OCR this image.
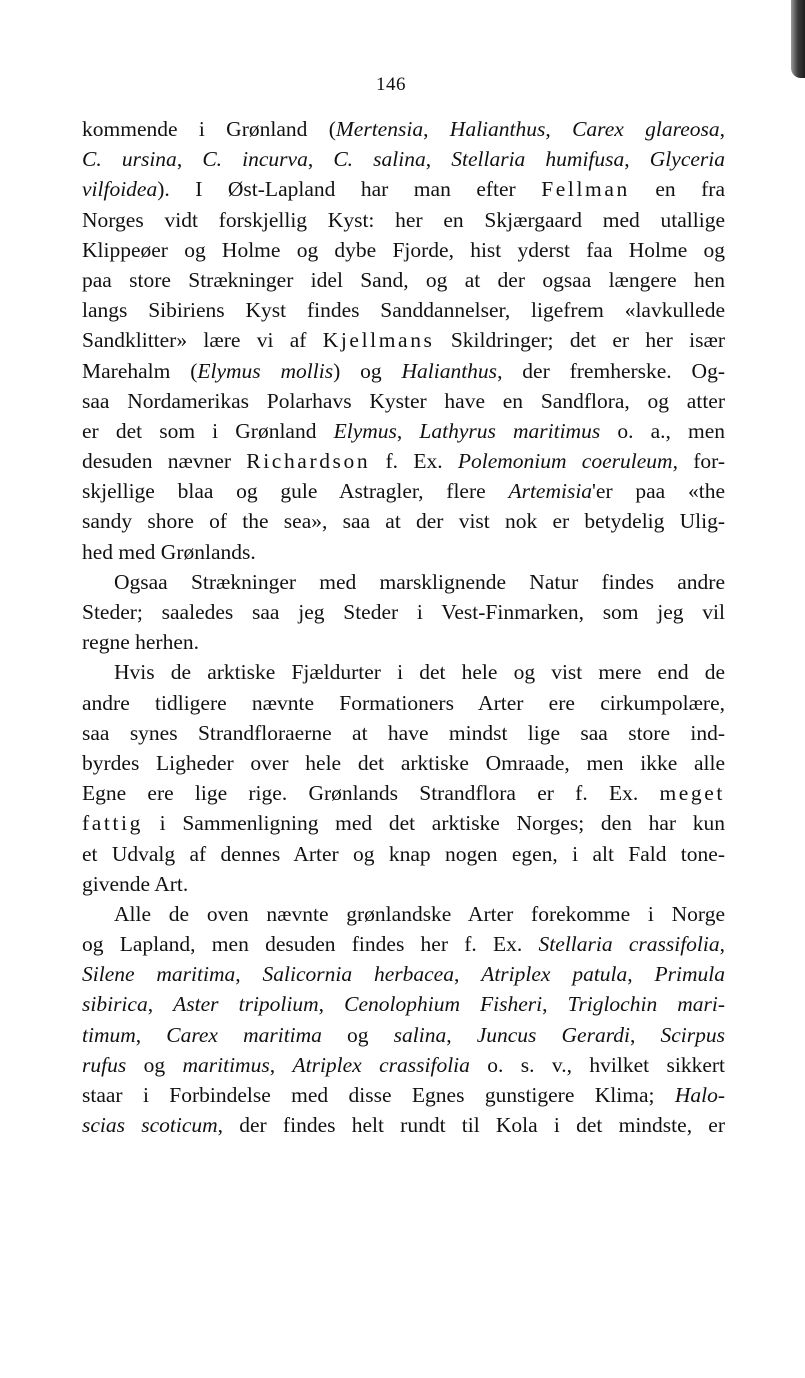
146
kommende i Grønland (Mertensia, Halianthus, Carex glareosa,
C. ursina, C. incurva, C. salina, Stellaria humifusa, Glyceria
vilfoidea). I Øst-Lapland har man efter Fellman en fra
Norges vidt forskjellig Kyst: her en Skjærgaard med utallige
Klippeøer og Holme og dybe Fjorde, hist yderst faa Holme og
paa store Strækninger idel Sand, og at der ogsaa længere hen
langs Sibiriens Kyst findes Sanddannelser, ligefrem «lavkullede
Sandklitter» lære vi af Kjellmans Skildringer; det er her især
Marehalm (Elymus mollis) og Halianthus, der fremherske. Og-
saa Nordamerikas Polarhavs Kyster have en Sandflora, og atter
er det som i Grønland Elymus, Lathyrus maritimus o. a., men
desuden nævner Richardson f. Ex. Polemonium coeruleum, for-
skjellige blaa og gule Astragler, flere Artemisia'er paa «the
sandy shore of the sea», saa at der vist nok er betydelig Ulig-
hed med Grønlands.
Ogsaa Strækninger med marsklignende Natur findes andre
Steder; saaledes saa jeg Steder i Vest-Finmarken, som jeg vil
regne herhen.
Hvis de arktiske Fjældurter i det hele og vist mere end de
andre tidligere nævnte Formationers Arter ere cirkumpolære,
saa synes Strandfloraerne at have mindst lige saa store ind-
byrdes Ligheder over hele det arktiske Omraade, men ikke alle
Egne ere lige rige. Grønlands Strandflora er f. Ex. meget
fattig i Sammenligning med det arktiske Norges; den har kun
et Udvalg af dennes Arter og knap nogen egen, i alt Fald tone-
givende Art.
Alle de oven nævnte grønlandske Arter forekomme i Norge
og Lapland, men desuden findes her f. Ex. Stellaria crassifolia,
Silene maritima, Salicornia herbacea, Atriplex patula, Primula
sibirica, Aster tripolium, Cenolophium Fisheri, Triglochin mari-
timum, Carex maritima og salina, Juncus Gerardi, Scirpus
rufus og maritimus, Atriplex crassifolia o. s. v., hvilket sikkert
staar i Forbindelse med disse Egnes gunstigere Klima; Halo-
scias scoticum, der findes helt rundt til Kola i det mindste, er
